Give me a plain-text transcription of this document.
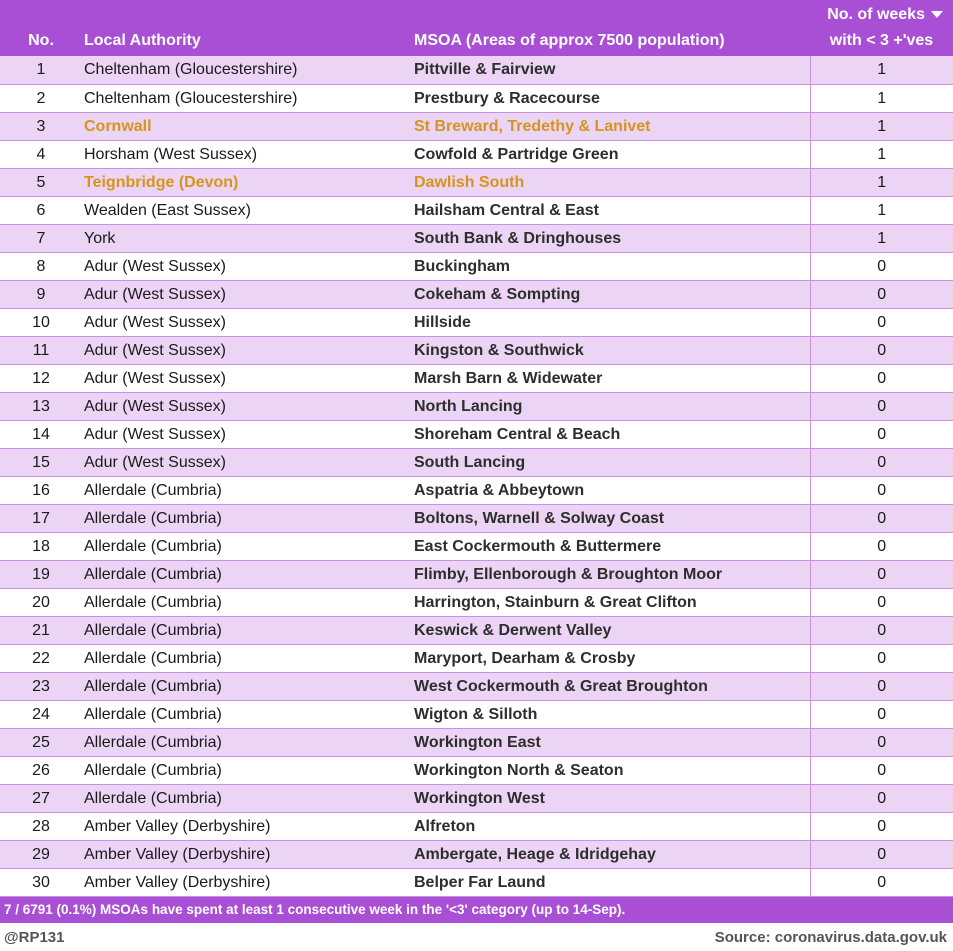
No.	Local Authority	MSOA (Areas of approx 7500 population)	No. of weeks
with < 3 +'ves

1	Cheltenham (Gloucestershire)	Pittville & Fairview	1
2	Cheltenham (Gloucestershire)	Prestbury & Racecourse	1
3	Cornwall	St Breward, Tredethy & Lanivet	1
4	Horsham (West Sussex)	Cowfold & Partridge Green	1
5	Teignbridge (Devon)	Dawlish South	1
6	Wealden (East Sussex)	Hailsham Central & East	1
7	York	South Bank & Dringhouses	1
8	Adur (West Sussex)	Buckingham	0
9	Adur (West Sussex)	Cokeham & Sompting	0
10	Adur (West Sussex)	Hillside	0
11	Adur (West Sussex)	Kingston & Southwick	0
12	Adur (West Sussex)	Marsh Barn & Widewater	0
13	Adur (West Sussex)	North Lancing	0
14	Adur (West Sussex)	Shoreham Central & Beach	0
15	Adur (West Sussex)	South Lancing	0
16	Allerdale (Cumbria)	Aspatria & Abbeytown	0
17	Allerdale (Cumbria)	Boltons, Warnell & Solway Coast	0
18	Allerdale (Cumbria)	East Cockermouth & Buttermere	0
19	Allerdale (Cumbria)	Flimby, Ellenborough & Broughton Moor	0
20	Allerdale (Cumbria)	Harrington, Stainburn & Great Clifton	0
21	Allerdale (Cumbria)	Keswick & Derwent Valley	0
22	Allerdale (Cumbria)	Maryport, Dearham & Crosby	0
23	Allerdale (Cumbria)	West Cockermouth & Great Broughton	0
24	Allerdale (Cumbria)	Wigton & Silloth	0
25	Allerdale (Cumbria)	Workington East	0
26	Allerdale (Cumbria)	Workington North & Seaton	0
27	Allerdale (Cumbria)	Workington West	0
28	Amber Valley (Derbyshire)	Alfreton	0
29	Amber Valley (Derbyshire)	Ambergate, Heage & Idridgehay	0
30	Amber Valley (Derbyshire)	Belper Far Laund	0
7 / 6791 (0.1%) MSOAs have spent at least 1 consecutive week in the '<3' category (up to 14-Sep).
@RP131	Source: coronavirus.data.gov.uk
